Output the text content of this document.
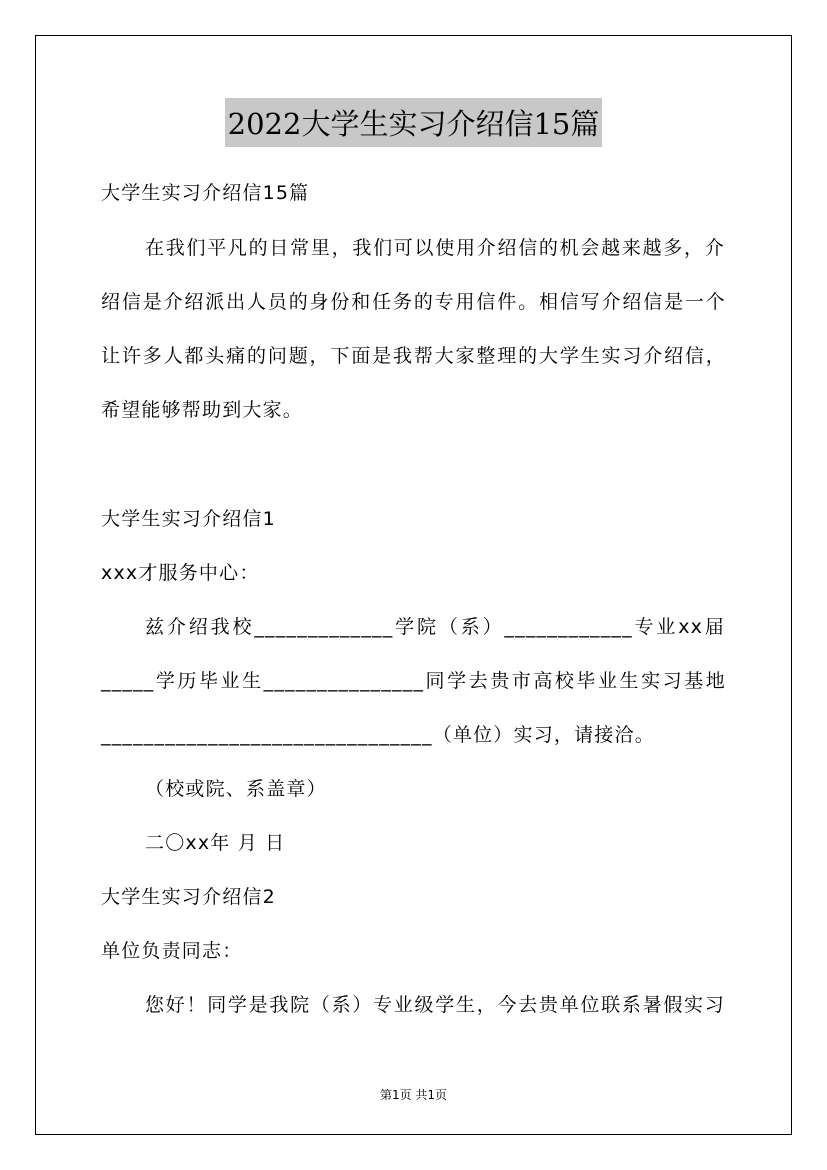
2022大学生实习介绍信15篇
大学生实习介绍信15篇
在我们平凡的日常里，我们可以使用介绍信的机会越来越多，介
绍信是介绍派出人员的身份和任务的专用信件。相信写介绍信是一个
让许多人都头痛的问题，下面是我帮大家整理的大学生实习介绍信，
希望能够帮助到大家。
大学生实习介绍信1
xxx才服务中心：
兹介绍我校_____________学院（系）____________专业xx届
_____学历毕业生_______________同学去贵市高校毕业生实习基地
_______________________________（单位）实习，请接洽。
（校或院、系盖章）
二〇xx年 月 日
大学生实习介绍信2
单位负责同志：
您好！同学是我院（系）专业级学生，今去贵单位联系暑假实习
第1页 共1页
